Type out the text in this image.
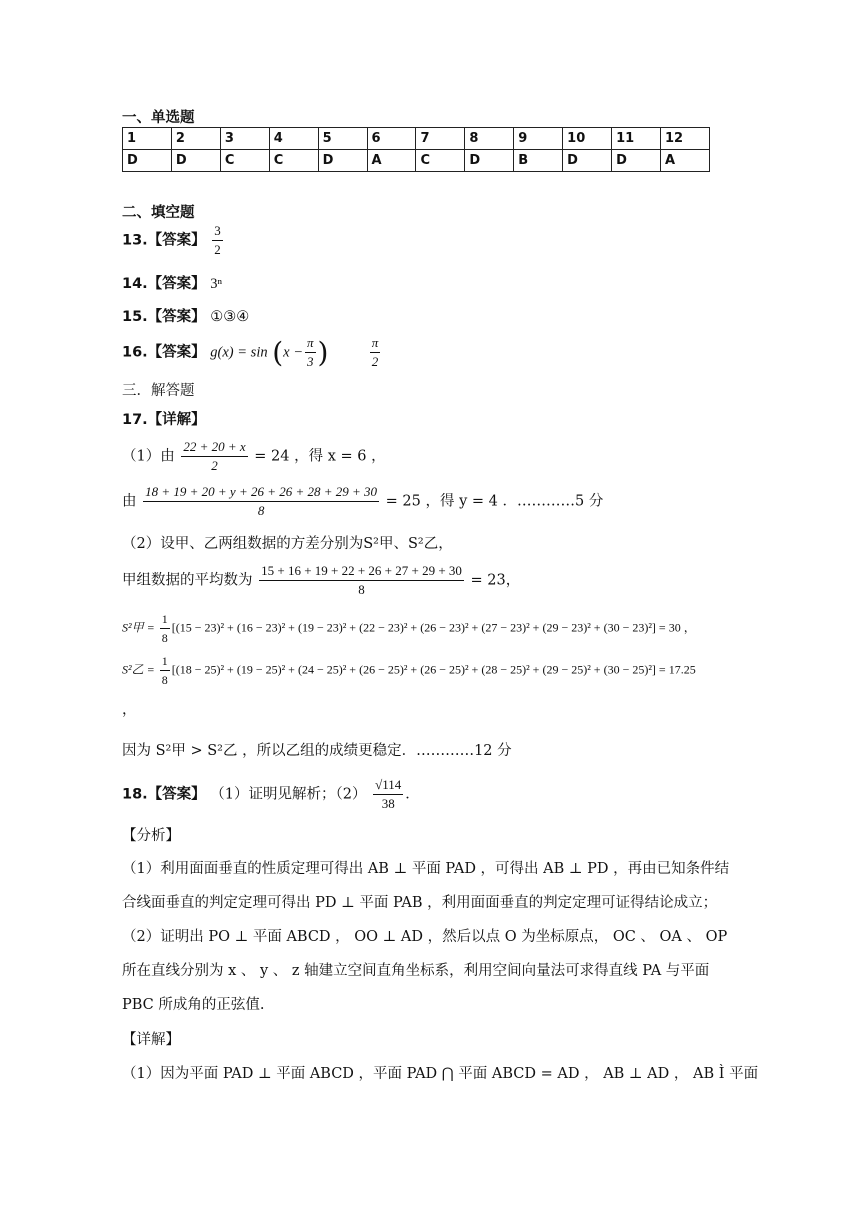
一、单选题
1	2	3	4	5	6	7	8	9	10	11	12
D	D	C	C	D	A	C	D	B	D	D	A
二、填空题
13.【答案】 $\frac{3}{2}$
14.【答案】 3ⁿ
15.【答案】 ①③④
16.【答案】 $g(x) = \sin (x - \frac{\pi}{3}$ )	$\frac{\pi}{2}$
三．解答题
17.【详解】
（1）由 $\frac{22 + 20 + x}{2} = 24$ ，得 x = 6 ，
由 $\frac{18 + 19 + 20 + y + 26 + 26 + 28 + 29 + 30}{8} = 25$ ，得 y = 4 ．…………5 分
（2）设甲、乙两组数据的方差分别为S²甲、S²乙，
甲组数据的平均数为 $\frac{15 + 16 + 19 + 22 + 26 + 27 + 29 + 30}{8} = 23$，
S²甲 = $\frac{1}{8} [(15 - 23)^2 + (16 - 23)^2 + (19 - 23)^2 + (22 - 23)^2 + (26 - 23)^2 + (27 - 23)^2 + (29 - 23)^2 + (30 - 23)^2] = 30$ ，
S²乙 = $\frac{1}{8} [(18 - 25)^2 + (19 - 25)^2 + (24 - 25)^2 + (26 - 25)^2 + (26 - 25)^2 + (28 - 25)^2 + (29 - 25)^2 + (30 - 25)^2] = 17.25$
，
因为 S²甲 > S²乙 ，所以乙组的成绩更稳定．…………12 分
18.【答案】 （1）证明见解析；$(2) \frac{√114}{38}$ ．
【分析】
（1）利用面面垂直的性质定理可得出 AB ⊥ 平面 PAD ，可得出 AB ⊥ PD ，再由已知条件结合线面垂直的判定定理可得出 PD ⊥ 平面 PAB ，利用面面垂直的判定定理可证得结论成立；
（2）证明出 PO ⊥ 平面 ABCD ， OO ⊥ AD ，然后以点 O 为坐标原点， OC 、 OA 、 OP 所在直线分别为 x 、 y 、 z 轴建立空间直角坐标系，利用空间向量法可求得直线 PA 与平面 PBC 所成角的正弦值.
【详解】
（1）因为平面 PAD ⊥ 平面 ABCD ，平面 PAD ⋂ 平面 ABCD = AD ， AB ⊥ AD ， AB Ì 平面
